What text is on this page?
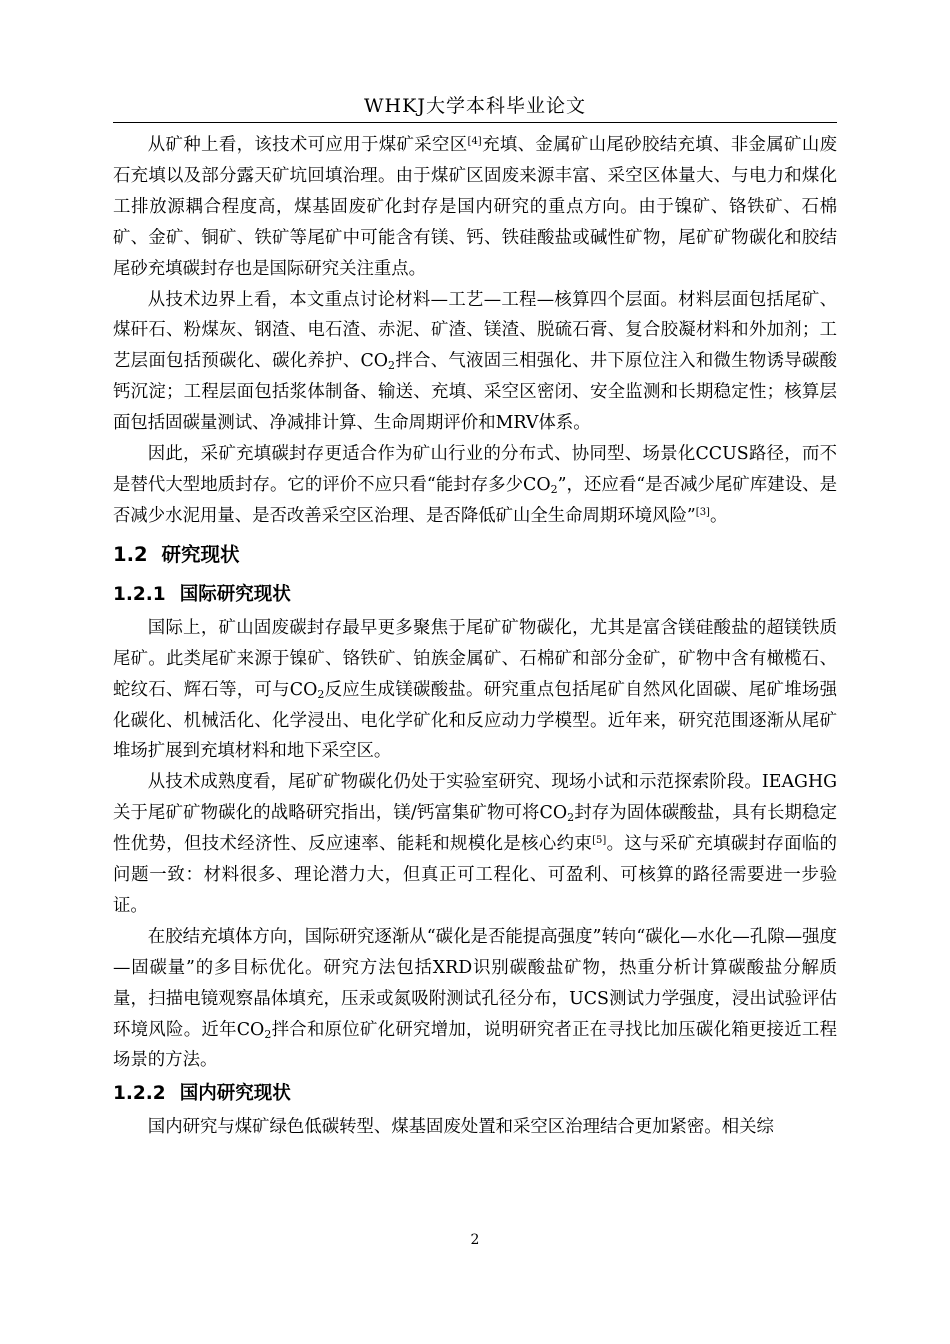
WHKJ大学本科毕业论文

从矿种上看，该技术可应用于煤矿采空区[4]充填、金属矿山尾砂胶结充填、非金属矿山废石充填以及部分露天矿坑回填治理。由于煤矿区固废来源丰富、采空区体量大、与电力和煤化工排放源耦合程度高，煤基固废矿化封存是国内研究的重点方向。由于镍矿、铬铁矿、石棉矿、金矿、铜矿、铁矿等尾矿中可能含有镁、钙、铁硅酸盐或碱性矿物，尾矿矿物碳化和胶结尾砂充填碳封存也是国际研究关注重点。

从技术边界上看，本文重点讨论材料—工艺—工程—核算四个层面。材料层面包括尾矿、煤矸石、粉煤灰、钢渣、电石渣、赤泥、矿渣、镁渣、脱硫石膏、复合胶凝材料和外加剂；工艺层面包括预碳化、碳化养护、$CO_2$拌合、气液固三相强化、井下原位注入和微生物诱导碳酸钙沉淀；工程层面包括浆体制备、输送、充填、采空区密闭、安全监测和长期稳定性；核算层面包括固碳量测试、净减排计算、生命周期评价和MRV体系。

因此，采矿充填碳封存更适合作为矿山行业的分布式、协同型、场景化CCUS路径，而不是替代大型地质封存。它的评价不应只看“能封存多少$CO_2$”，还应看“是否减少尾矿库建设、是否减少水泥用量、是否改善采空区治理、是否降低矿山全生命周期环境风险”[3]。

1.2 研究现状
1.2.1 国际研究现状

国际上，矿山固废碳封存最早更多聚焦于尾矿矿物碳化，尤其是富含镁硅酸盐的超镁铁质尾矿。此类尾矿来源于镍矿、铬铁矿、铂族金属矿、石棉矿和部分金矿，矿物中含有橄榄石、蛇纹石、辉石等，可与$CO_2$反应生成镁碳酸盐。研究重点包括尾矿自然风化固碳、尾矿堆场强化碳化、机械活化、化学浸出、电化学矿化和反应动力学模型。近年来，研究范围逐渐从尾矿堆场扩展到充填材料和地下采空区。

从技术成熟度看，尾矿矿物碳化仍处于实验室研究、现场小试和示范探索阶段。IEAGHG关于尾矿矿物碳化的战略研究指出，镁/钙富集矿物可将$CO_2$封存为固体碳酸盐，具有长期稳定性优势，但技术经济性、反应速率、能耗和规模化是核心约束[5]。这与采矿充填碳封存面临的问题一致：材料很多、理论潜力大，但真正可工程化、可盈利、可核算的路径需要进一步验证。

在胶结充填体方向，国际研究逐渐从“碳化是否能提高强度”转向“碳化—水化—孔隙—强度—固碳量”的多目标优化。研究方法包括XRD识别碳酸盐矿物，热重分析计算碳酸盐分解质量，扫描电镜观察晶体填充，压汞或氮吸附测试孔径分布，UCS测试力学强度，浸出试验评估环境风险。近年$CO_2$拌合和原位矿化研究增加，说明研究者正在寻找比加压碳化箱更接近工程场景的方法。

1.2.2 国内研究现状

国内研究与煤矿绿色低碳转型、煤基固废处置和采空区治理结合更加紧密。相关综

2
